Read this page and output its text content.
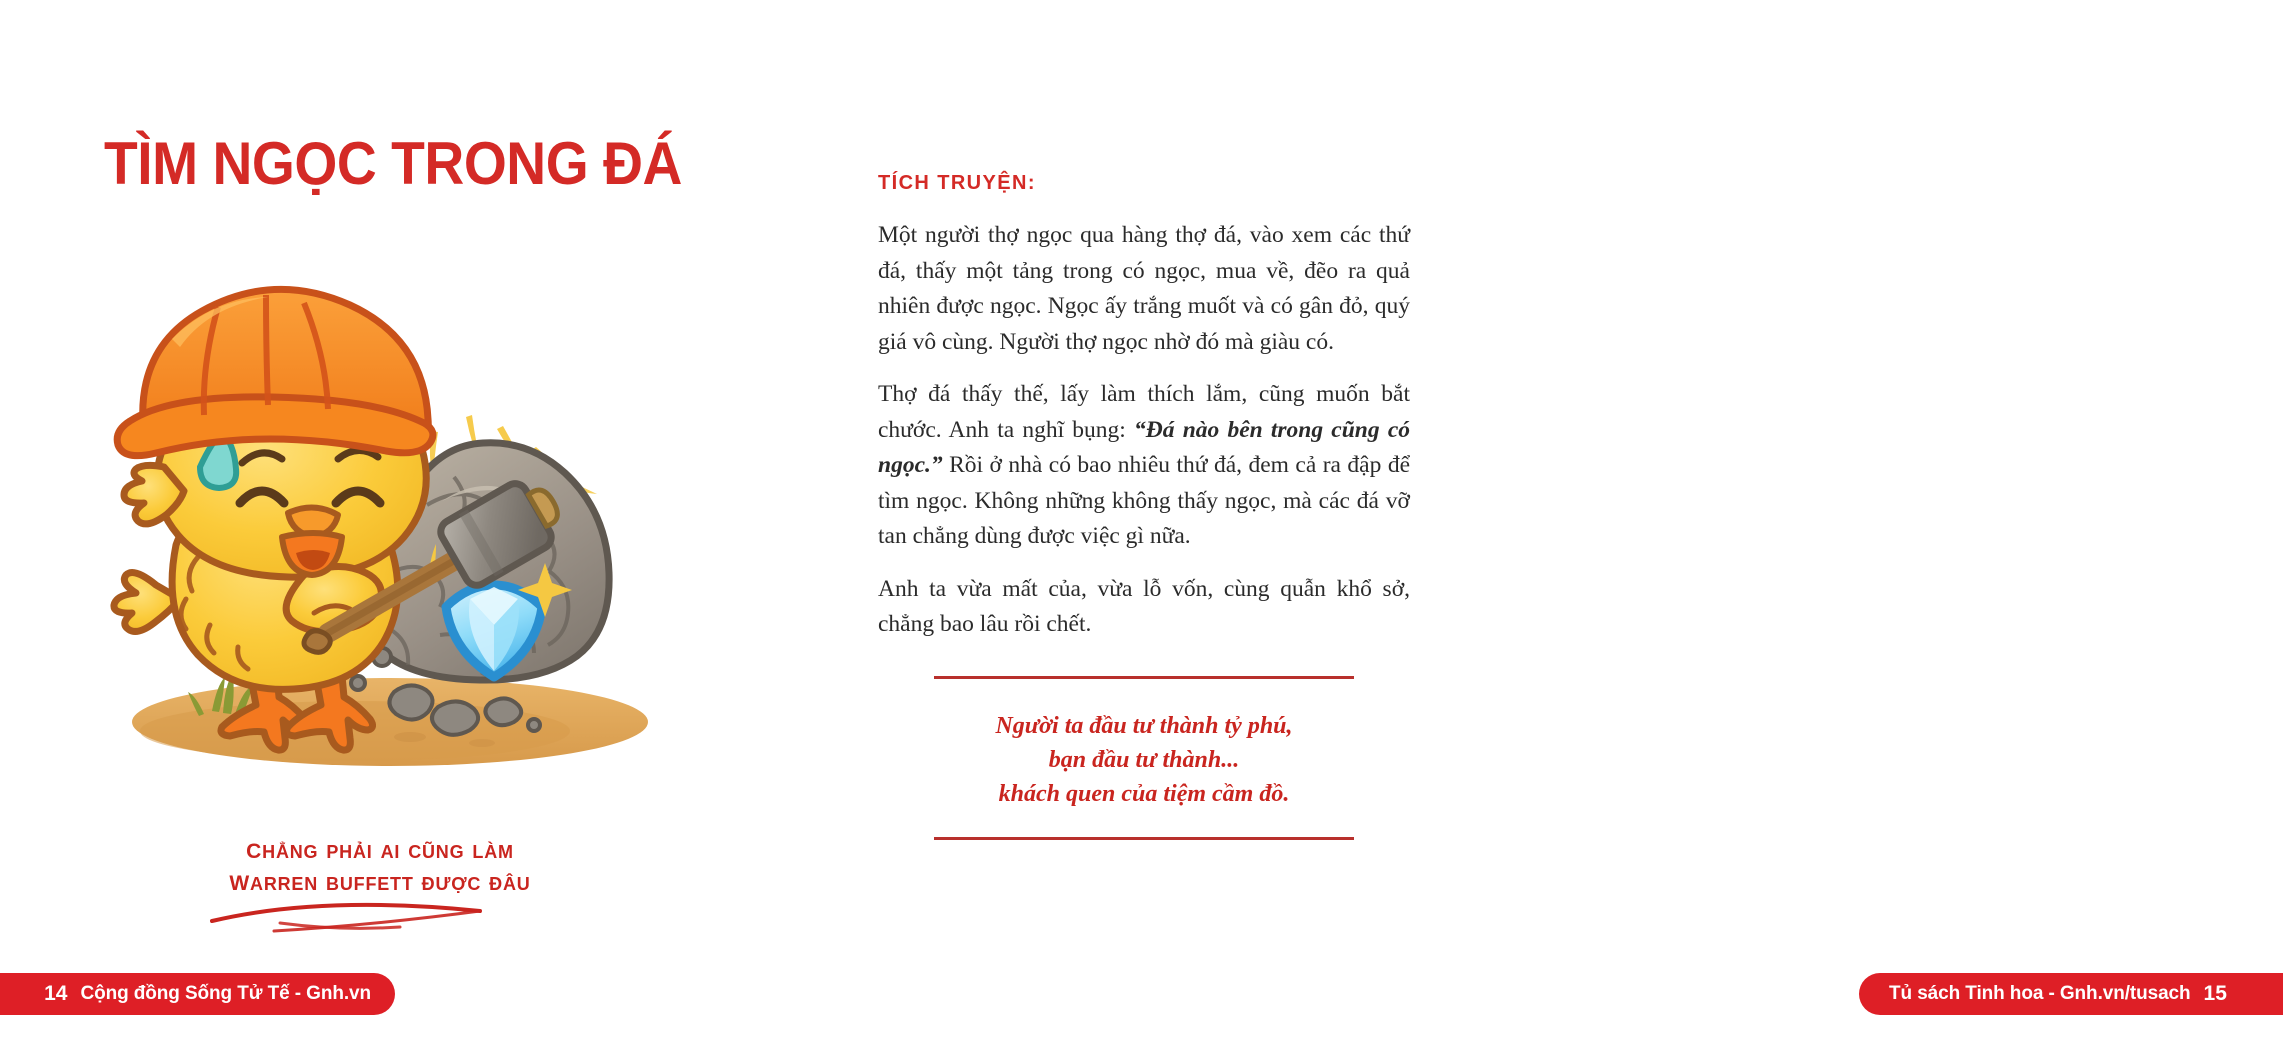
TÌM NGỌC TRONG ĐÁ
chẳng phải ai cũng làm
warren buffett được đâu
14 Cộng đồng Sống Tử Tế - Gnh.vn
TÍCH TRUYỆN:

Một người thợ ngọc qua hàng thợ đá, vào xem các thứ đá, thấy một tảng trong có ngọc, mua về, đẽo ra quả nhiên được ngọc. Ngọc ấy trắng muốt và có gân đỏ, quý giá vô cùng. Người thợ ngọc nhờ đó mà giàu có.

Thợ đá thấy thế, lấy làm thích lắm, cũng muốn bắt chước. Anh ta nghĩ bụng: “Đá nào bên trong cũng có ngọc.” Rồi ở nhà có bao nhiêu thứ đá, đem cả ra đập để tìm ngọc. Không những không thấy ngọc, mà các đá vỡ tan chẳng dùng được việc gì nữa.

Anh ta vừa mất của, vừa lỗ vốn, cùng quẫn khổ sở, chẳng bao lâu rồi chết.

Người ta đầu tư thành tỷ phú,
bạn đầu tư thành...
khách quen của tiệm cầm đồ.
Tủ sách Tinh hoa - Gnh.vn/tusach 15
